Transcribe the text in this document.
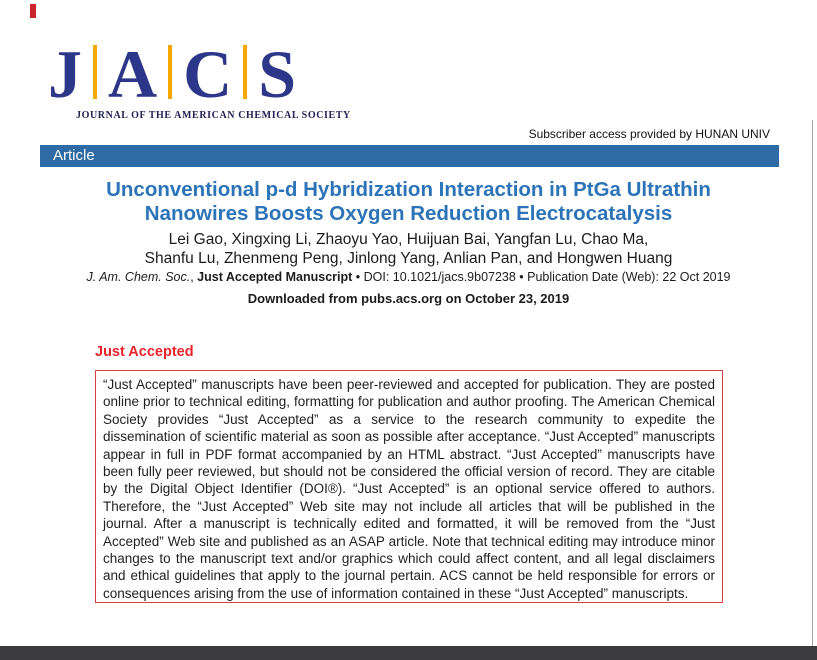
J A C S
JOURNAL OF THE AMERICAN CHEMICAL SOCIETY
Subscriber access provided by HUNAN UNIV
Article
Unconventional p-d Hybridization Interaction in PtGa Ultrathin
Nanowires Boosts Oxygen Reduction Electrocatalysis
Lei Gao, Xingxing Li, Zhaoyu Yao, Huijuan Bai, Yangfan Lu, Chao Ma,
Shanfu Lu, Zhenmeng Peng, Jinlong Yang, Anlian Pan, and Hongwen Huang
J. Am. Chem. Soc., Just Accepted Manuscript • DOI: 10.1021/jacs.9b07238 • Publication Date (Web): 22 Oct 2019
Downloaded from pubs.acs.org on October 23, 2019
Just Accepted
“Just Accepted” manuscripts have been peer-reviewed and accepted for publication. They are posted online prior to technical editing, formatting for publication and author proofing. The American Chemical Society provides “Just Accepted” as a service to the research community to expedite the dissemination of scientific material as soon as possible after acceptance. “Just Accepted” manuscripts appear in full in PDF format accompanied by an HTML abstract. “Just Accepted” manuscripts have been fully peer reviewed, but should not be considered the official version of record. They are citable by the Digital Object Identifier (DOI®). “Just Accepted” is an optional service offered to authors. Therefore, the “Just Accepted” Web site may not include all articles that will be published in the journal. After a manuscript is technically edited and formatted, it will be removed from the “Just Accepted” Web site and published as an ASAP article. Note that technical editing may introduce minor changes to the manuscript text and/or graphics which could affect content, and all legal disclaimers and ethical guidelines that apply to the journal pertain. ACS cannot be held responsible for errors or consequences arising from the use of information contained in these “Just Accepted” manuscripts.
